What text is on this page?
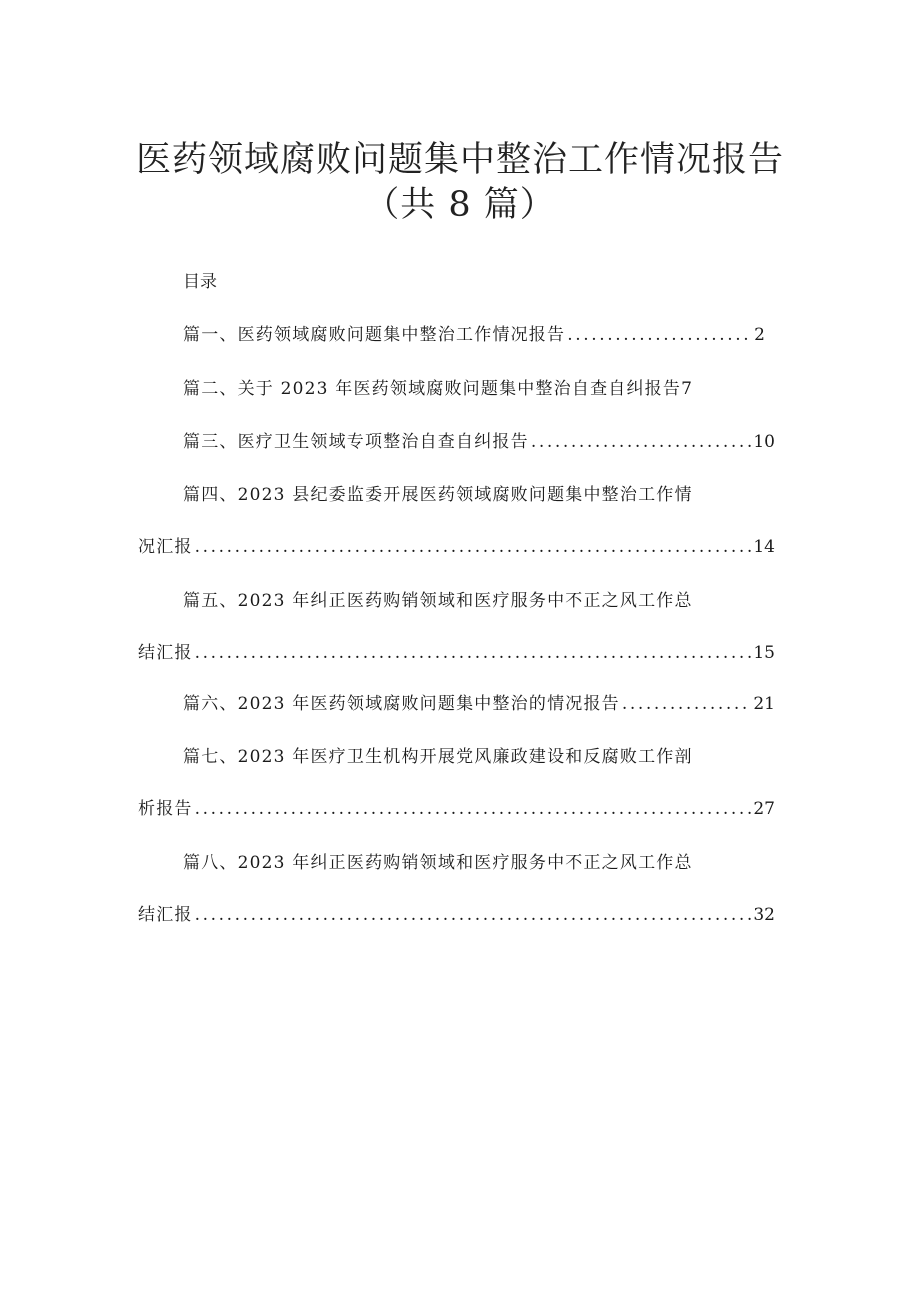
医药领域腐败问题集中整治工作情况报告
（共 8 篇）
目录
篇一、医药领域腐败问题集中整治工作情况报告 .....	2
篇二、关于 2023 年医药领域腐败问题集中整治自查自纠报告7
篇三、医疗卫生领域专项整治自查自纠报告 .....	10
篇四、2023 县纪委监委开展医药领域腐败问题集中整治工作情
况汇报 .....	14
篇五、2023 年纠正医药购销领域和医疗服务中不正之风工作总
结汇报 .....	15
篇六、2023 年医药领域腐败问题集中整治的情况报告 .....	21
篇七、2023 年医疗卫生机构开展党风廉政建设和反腐败工作剖
析报告 .....	27
篇八、2023 年纠正医药购销领域和医疗服务中不正之风工作总
结汇报 .....	32
